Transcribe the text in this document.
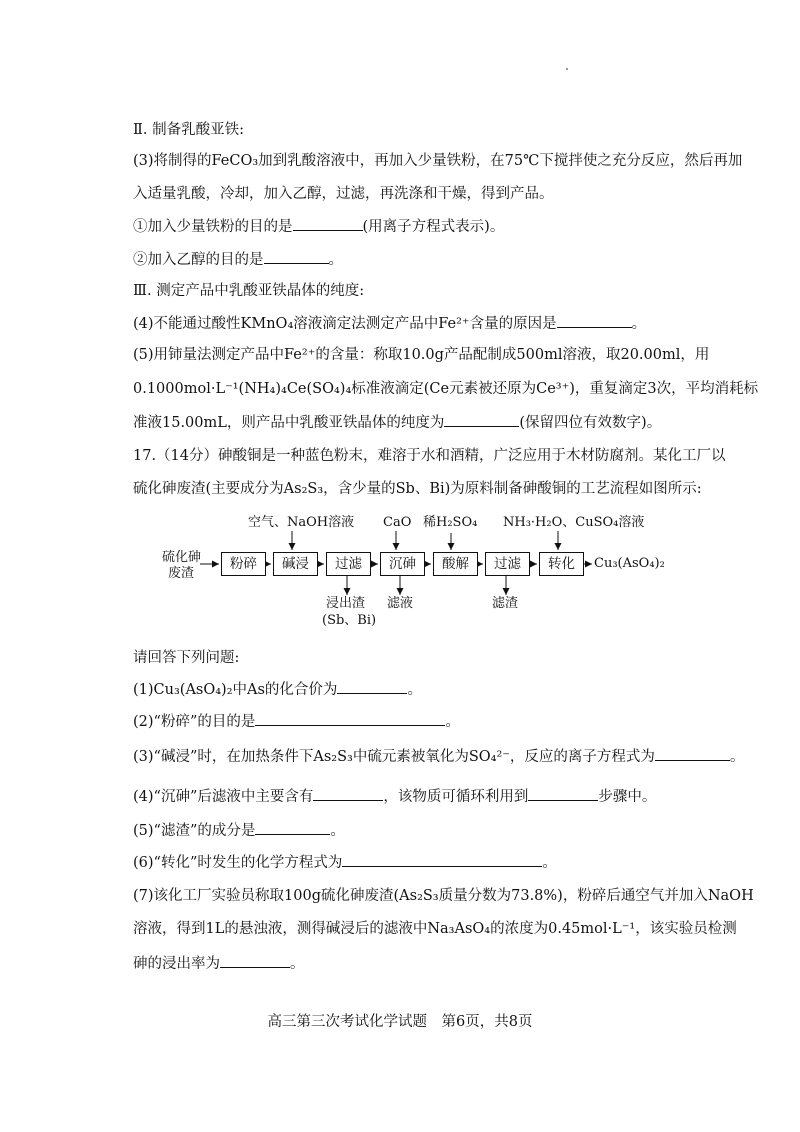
Ⅱ. 制备乳酸亚铁:
(3)将制得的FeCO₃加到乳酸溶液中，再加入少量铁粉，在75℃下搅拌使之充分反应，然后再加
入适量乳酸，冷却，加入乙醇，过滤，再洗涤和干燥，得到产品。
①加入少量铁粉的目的是	(用离子方程式表示)。
②加入乙醇的目的是	。
Ⅲ. 测定产品中乳酸亚铁晶体的纯度:
(4)不能通过酸性KMnO₄溶液滴定法测定产品中Fe²⁺含量的原因是	。
(5)用铈量法测定产品中Fe²⁺的含量：称取10.0g产品配制成500ml溶液，取20.00ml，用
0.1000mol·L⁻¹(NH₄)₄Ce(SO₄)₄标准液滴定(Ce元素被还原为Ce³⁺)，重复滴定3次，平均消耗标
准液15.00mL，则产品中乳酸亚铁晶体的纯度为	(保留四位有效数字)。
17.（14分）砷酸铜是一种蓝色粉末，难溶于水和酒精，广泛应用于木材防腐剂。某化工厂以
硫化砷废渣(主要成分为As₂S₃，含少量的Sb、Bi)为原料制备砷酸铜的工艺流程如图所示:
硫化砷
废渣
粉碎	碱浸	过滤	沉砷	酸解	过滤	转化	Cu₃(AsO₄)₂
空气、NaOH溶液 CaO 稀H₂SO₄ NH₃·H₂O、CuSO₄溶液
浸出渣
(Sb、Bi)
滤液	滤渣
请回答下列问题:
(1)Cu₃(AsO₄)₂中As的化合价为	。
(2)“粉碎”的目的是	。
(3)“碱浸”时，在加热条件下As₂S₃中硫元素被氧化为SO₄²⁻，反应的离子方程式为	。
(4)“沉砷”后滤液中主要含有	，该物质可循环利用到	步骤中。
(5)“滤渣”的成分是	。
(6)“转化”时发生的化学方程式为	。
(7)该化工厂实验员称取100g硫化砷废渣(As₂S₃质量分数为73.8%)，粉碎后通空气并加入NaOH
溶液，得到1L的悬浊液，测得碱浸后的滤液中Na₃AsO₄的浓度为0.45mol·L⁻¹，该实验员检测
砷的浸出率为	。
高三第三次考试化学试题　第6页，共8页
